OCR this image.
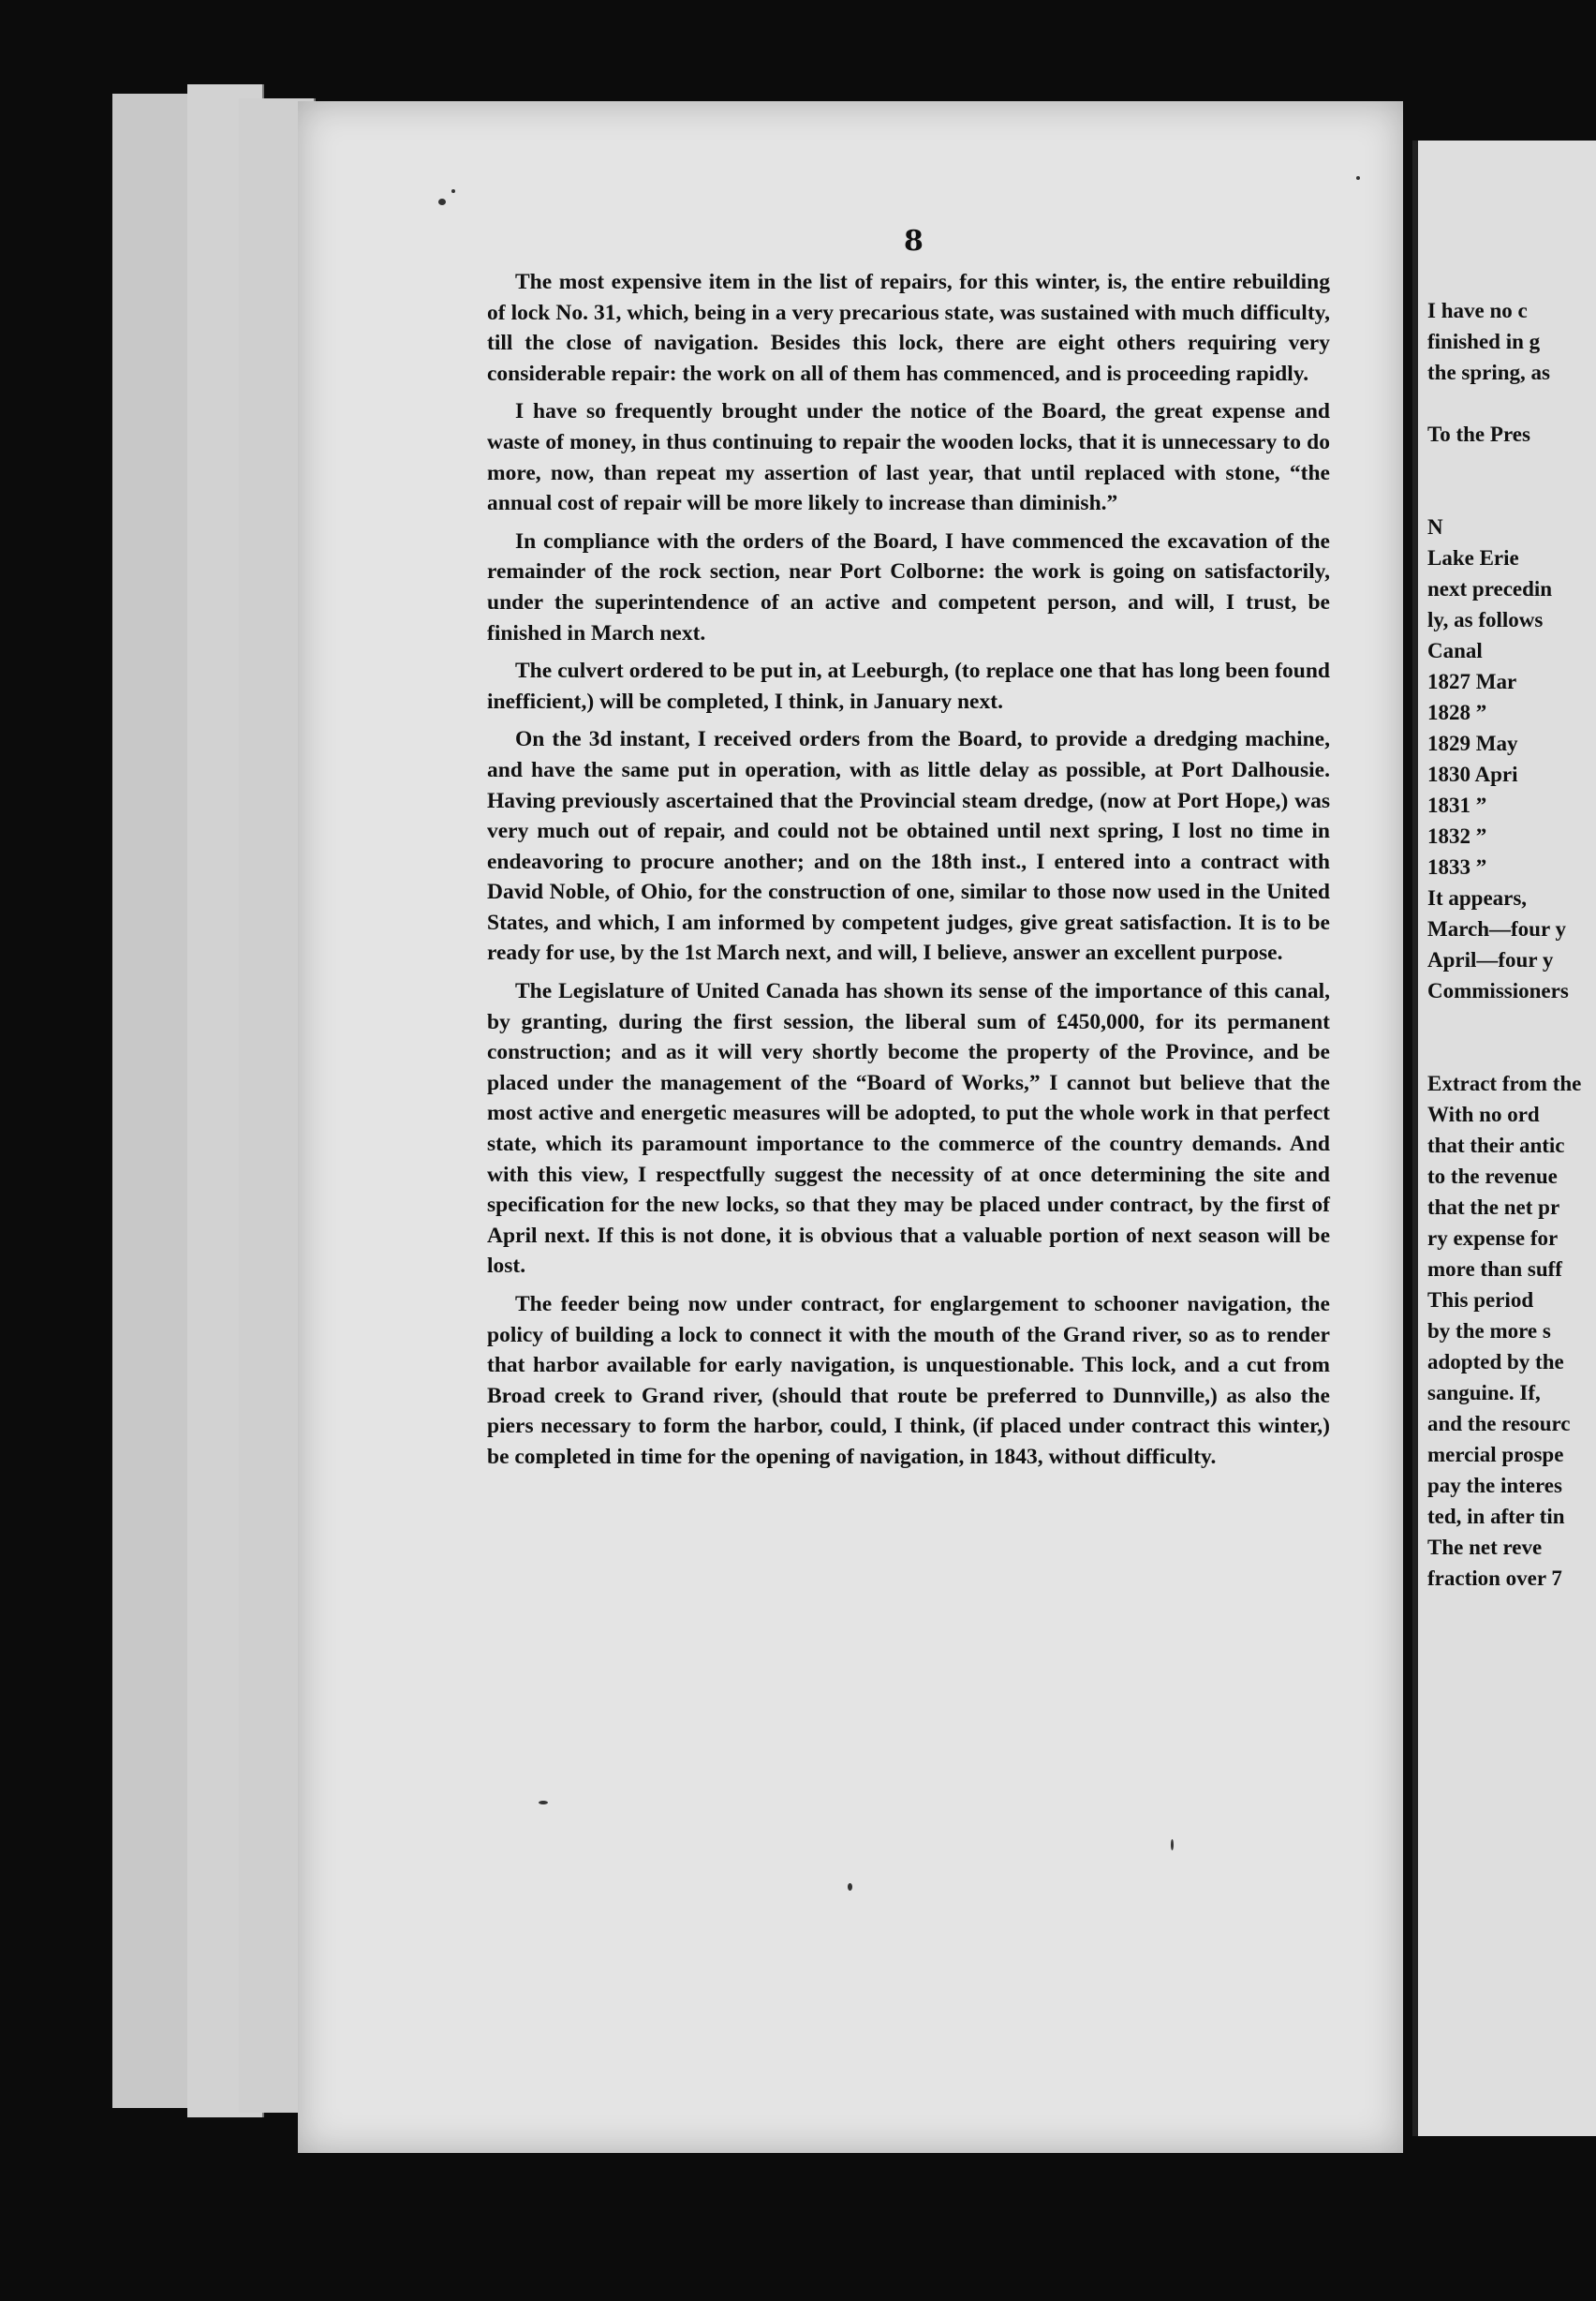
8

The most expensive item in the list of repairs, for this winter, is, the entire rebuilding of lock No. 31, which, being in a very precarious state, was sustained with much difficulty, till the close of navigation. Besides this lock, there are eight others requiring very considerable repair: the work on all of them has commenced, and is proceeding rapidly.

I have so frequently brought under the notice of the Board, the great expense and waste of money, in thus continuing to repair the wooden locks, that it is unnecessary to do more, now, than repeat my assertion of last year, that until replaced with stone, “the annual cost of repair will be more likely to increase than diminish.”

In compliance with the orders of the Board, I have commenced the excavation of the remainder of the rock section, near Port Colborne: the work is going on satisfactorily, under the superintendence of an active and competent person, and will, I trust, be finished in March next.

The culvert ordered to be put in, at Leeburgh, (to replace one that has long been found inefficient,) will be completed, I think, in January next.

On the 3d instant, I received orders from the Board, to provide a dredging machine, and have the same put in operation, with as little delay as possible, at Port Dalhousie. Having previously ascertained that the Provincial steam dredge, (now at Port Hope,) was very much out of repair, and could not be obtained until next spring, I lost no time in endeavoring to procure another; and on the 18th inst., I entered into a contract with David Noble, of Ohio, for the construction of one, similar to those now used in the United States, and which, I am informed by competent judges, give great satisfaction. It is to be ready for use, by the 1st March next, and will, I believe, answer an excellent purpose.

The Legislature of United Canada has shown its sense of the importance of this canal, by granting, during the first session, the liberal sum of £450,000, for its permanent construction; and as it will very shortly become the property of the Province, and be placed under the management of the “Board of Works,” I cannot but believe that the most active and energetic measures will be adopted, to put the whole work in that perfect state, which its paramount importance to the commerce of the country demands. And with this view, I respectfully suggest the necessity of at once determining the site and specification for the new locks, so that they may be placed under contract, by the first of April next. If this is not done, it is obvious that a valuable portion of next season will be lost.

The feeder being now under contract, for englargement to schooner navigation, the policy of building a lock to connect it with the mouth of the Grand river, so as to render that harbor available for early navigation, is unquestionable. This lock, and a cut from Broad creek to Grand river, (should that route be preferred to Dunnville,) as also the piers necessary to form the harbor, could, I think, (if placed under contract this winter,) be completed in time for the opening of navigation, in 1843, without difficulty.

I have no c
finished in g
the spring, as

To the Pres

N
Lake Erie
next precedin
ly, as follows
Canal
1827 Mar
1828 ”
1829 May
1830 Apri
1831 ”
1832 ”
1833 ”
It appears,
March—four y
April—four y
Commissioners

Extract from the
With no ord
that their antic
to the revenue
that the net pr
ry expense for
more than suff
This period
by the more s
adopted by the
sanguine. If,
and the resourc
mercial prospe
pay the interes
ted, in after tin
The net reve
fraction over 7
